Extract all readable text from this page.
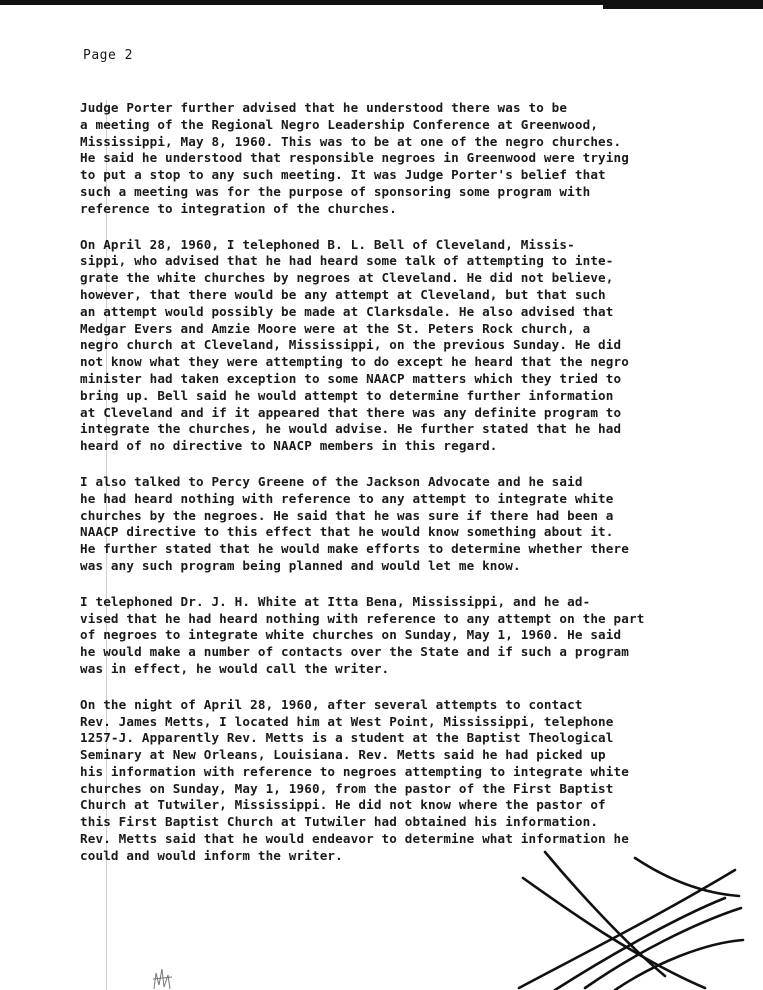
Page 2

Judge Porter further advised that he understood there was to be
a meeting of the Regional Negro Leadership Conference at Greenwood,
Mississippi, May 8, 1960. This was to be at one of the negro churches.
He said he understood that responsible negroes in Greenwood were trying
to put a stop to any such meeting. It was Judge Porter's belief that
such a meeting was for the purpose of sponsoring some program with
reference to integration of the churches.

On April 28, 1960, I telephoned B. L. Bell of Cleveland, Missis-
sippi, who advised that he had heard some talk of attempting to inte-
grate the white churches by negroes at Cleveland. He did not believe,
however, that there would be any attempt at Cleveland, but that such
an attempt would possibly be made at Clarksdale. He also advised that
Medgar Evers and Amzie Moore were at the St. Peters Rock church, a
negro church at Cleveland, Mississippi, on the previous Sunday. He did
not know what they were attempting to do except he heard that the negro
minister had taken exception to some NAACP matters which they tried to
bring up. Bell said he would attempt to determine further information
at Cleveland and if it appeared that there was any definite program to
integrate the churches, he would advise. He further stated that he had
heard of no directive to NAACP members in this regard.

I also talked to Percy Greene of the Jackson Advocate and he said
he had heard nothing with reference to any attempt to integrate white
churches by the negroes. He said that he was sure if there had been a
NAACP directive to this effect that he would know something about it.
He further stated that he would make efforts to determine whether there
was any such program being planned and would let me know.

I telephoned Dr. J. H. White at Itta Bena, Mississippi, and he ad-
vised that he had heard nothing with reference to any attempt on the part
of negroes to integrate white churches on Sunday, May 1, 1960. He said
he would make a number of contacts over the State and if such a program
was in effect, he would call the writer.

On the night of April 28, 1960, after several attempts to contact
Rev. James Metts, I located him at West Point, Mississippi, telephone
1257-J. Apparently Rev. Metts is a student at the Baptist Theological
Seminary at New Orleans, Louisiana. Rev. Metts said he had picked up
his information with reference to negroes attempting to integrate white
churches on Sunday, May 1, 1960, from the pastor of the First Baptist
Church at Tutwiler, Mississippi. He did not know where the pastor of
this First Baptist Church at Tutwiler had obtained his information.
Rev. Metts said that he would endeavor to determine what information he
could and would inform the writer.
